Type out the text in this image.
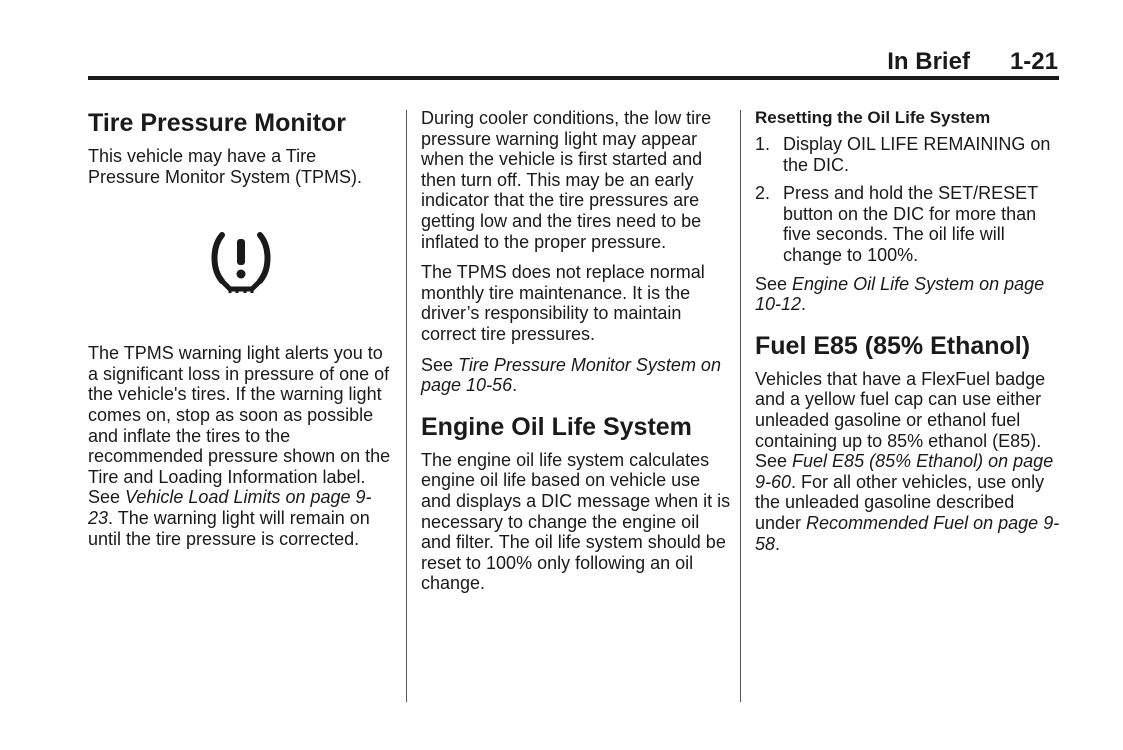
In Brief 1-21
Tire Pressure Monitor

This vehicle may have a Tire Pressure Monitor System (TPMS).

The TPMS warning light alerts you to a significant loss in pressure of one of the vehicle's tires. If the warning light comes on, stop as soon as possible and inflate the tires to the recommended pressure shown on the Tire and Loading Information label. See Vehicle Load Limits on page 9-23. The warning light will remain on until the tire pressure is corrected.

During cooler conditions, the low tire pressure warning light may appear when the vehicle is first started and then turn off. This may be an early indicator that the tire pressures are getting low and the tires need to be inflated to the proper pressure.

The TPMS does not replace normal monthly tire maintenance. It is the driver’s responsibility to maintain correct tire pressures.

See Tire Pressure Monitor System on page 10-56.

Engine Oil Life System

The engine oil life system calculates engine oil life based on vehicle use and displays a DIC message when it is necessary to change the engine oil and filter. The oil life system should be reset to 100% only following an oil change.

Resetting the Oil Life System
1. Display OIL LIFE REMAINING on the DIC.
2. Press and hold the SET/RESET button on the DIC for more than five seconds. The oil life will change to 100%.

See Engine Oil Life System on page 10-12.

Fuel E85 (85% Ethanol)

Vehicles that have a FlexFuel badge and a yellow fuel cap can use either unleaded gasoline or ethanol fuel containing up to 85% ethanol (E85). See Fuel E85 (85% Ethanol) on page 9-60. For all other vehicles, use only the unleaded gasoline described under Recommended Fuel on page 9-58.
